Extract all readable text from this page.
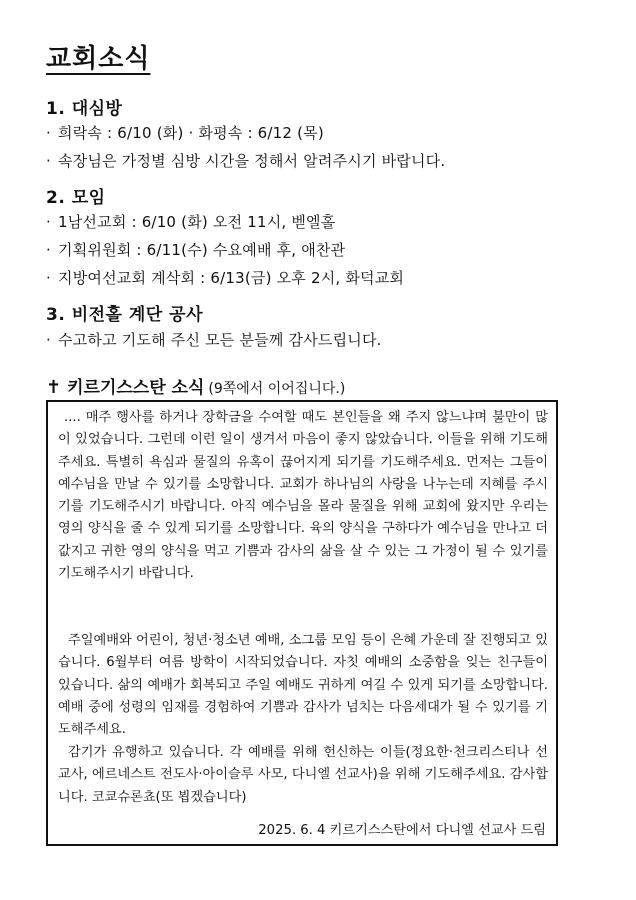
교회소식
1. 대심방
· 희락속 : 6/10 (화) · 화평속 : 6/12 (목)
· 속장님은 가정별 심방 시간을 정해서 알려주시기 바랍니다.
2. 모임
· 1남선교회 : 6/10 (화) 오전 11시, 벧엘홀
· 기획위원회 : 6/11(수) 수요예배 후, 애찬관
· 지방여선교회 계삭회 : 6/13(금) 오후 2시, 화덕교회
3. 비전홀 계단 공사
· 수고하고 기도해 주신 모든 분들께 감사드립니다.
✝ 키르기스스탄 소식 (9쪽에서 이어집니다.)
.... 매주 행사를 하거나 장학금을 수여할 때도 본인들을 왜 주지 않느냐며 불만이 많이 있었습니다. 그런데 이런 일이 생겨서 마음이 좋지 않았습니다. 이들을 위해 기도해주세요. 특별히 욕심과 물질의 유혹이 끊어지게 되기를 기도해주세요. 먼저는 그들이 예수님을 만날 수 있기를 소망합니다. 교회가 하나님의 사랑을 나누는데 지혜를 주시기를 기도해주시기 바랍니다. 아직 예수님을 몰라 물질을 위해 교회에 왔지만 우리는 영의 양식을 줄 수 있게 되기를 소망합니다. 육의 양식을 구하다가 예수님을 만나고 더 값지고 귀한 영의 양식을 먹고 기쁨과 감사의 삶을 살 수 있는 그 가정이 될 수 있기를 기도해주시기 바랍니다.
주일예배와 어린이, 청년·청소년 예배, 소그룹 모임 등이 은혜 가운데 잘 진행되고 있습니다. 6월부터 여름 방학이 시작되었습니다. 자칫 예배의 소중함을 잊는 친구들이 있습니다. 삶의 예배가 회복되고 주일 예배도 귀하게 여길 수 있게 되기를 소망합니다. 예배 중에 성령의 임재를 경험하여 기쁨과 감사가 넘치는 다음세대가 될 수 있기를 기도해주세요.
감기가 유행하고 있습니다. 각 예배를 위해 헌신하는 이들(정요한·천크리스티나 선교사, 에르네스트 전도사·아이슬루 사모, 다니엘 선교사)을 위해 기도해주세요. 감사합니다. 코쿄슈론쵸(또 뵙겠습니다)
2025. 6. 4 키르기스스탄에서 다니엘 선교사 드림
